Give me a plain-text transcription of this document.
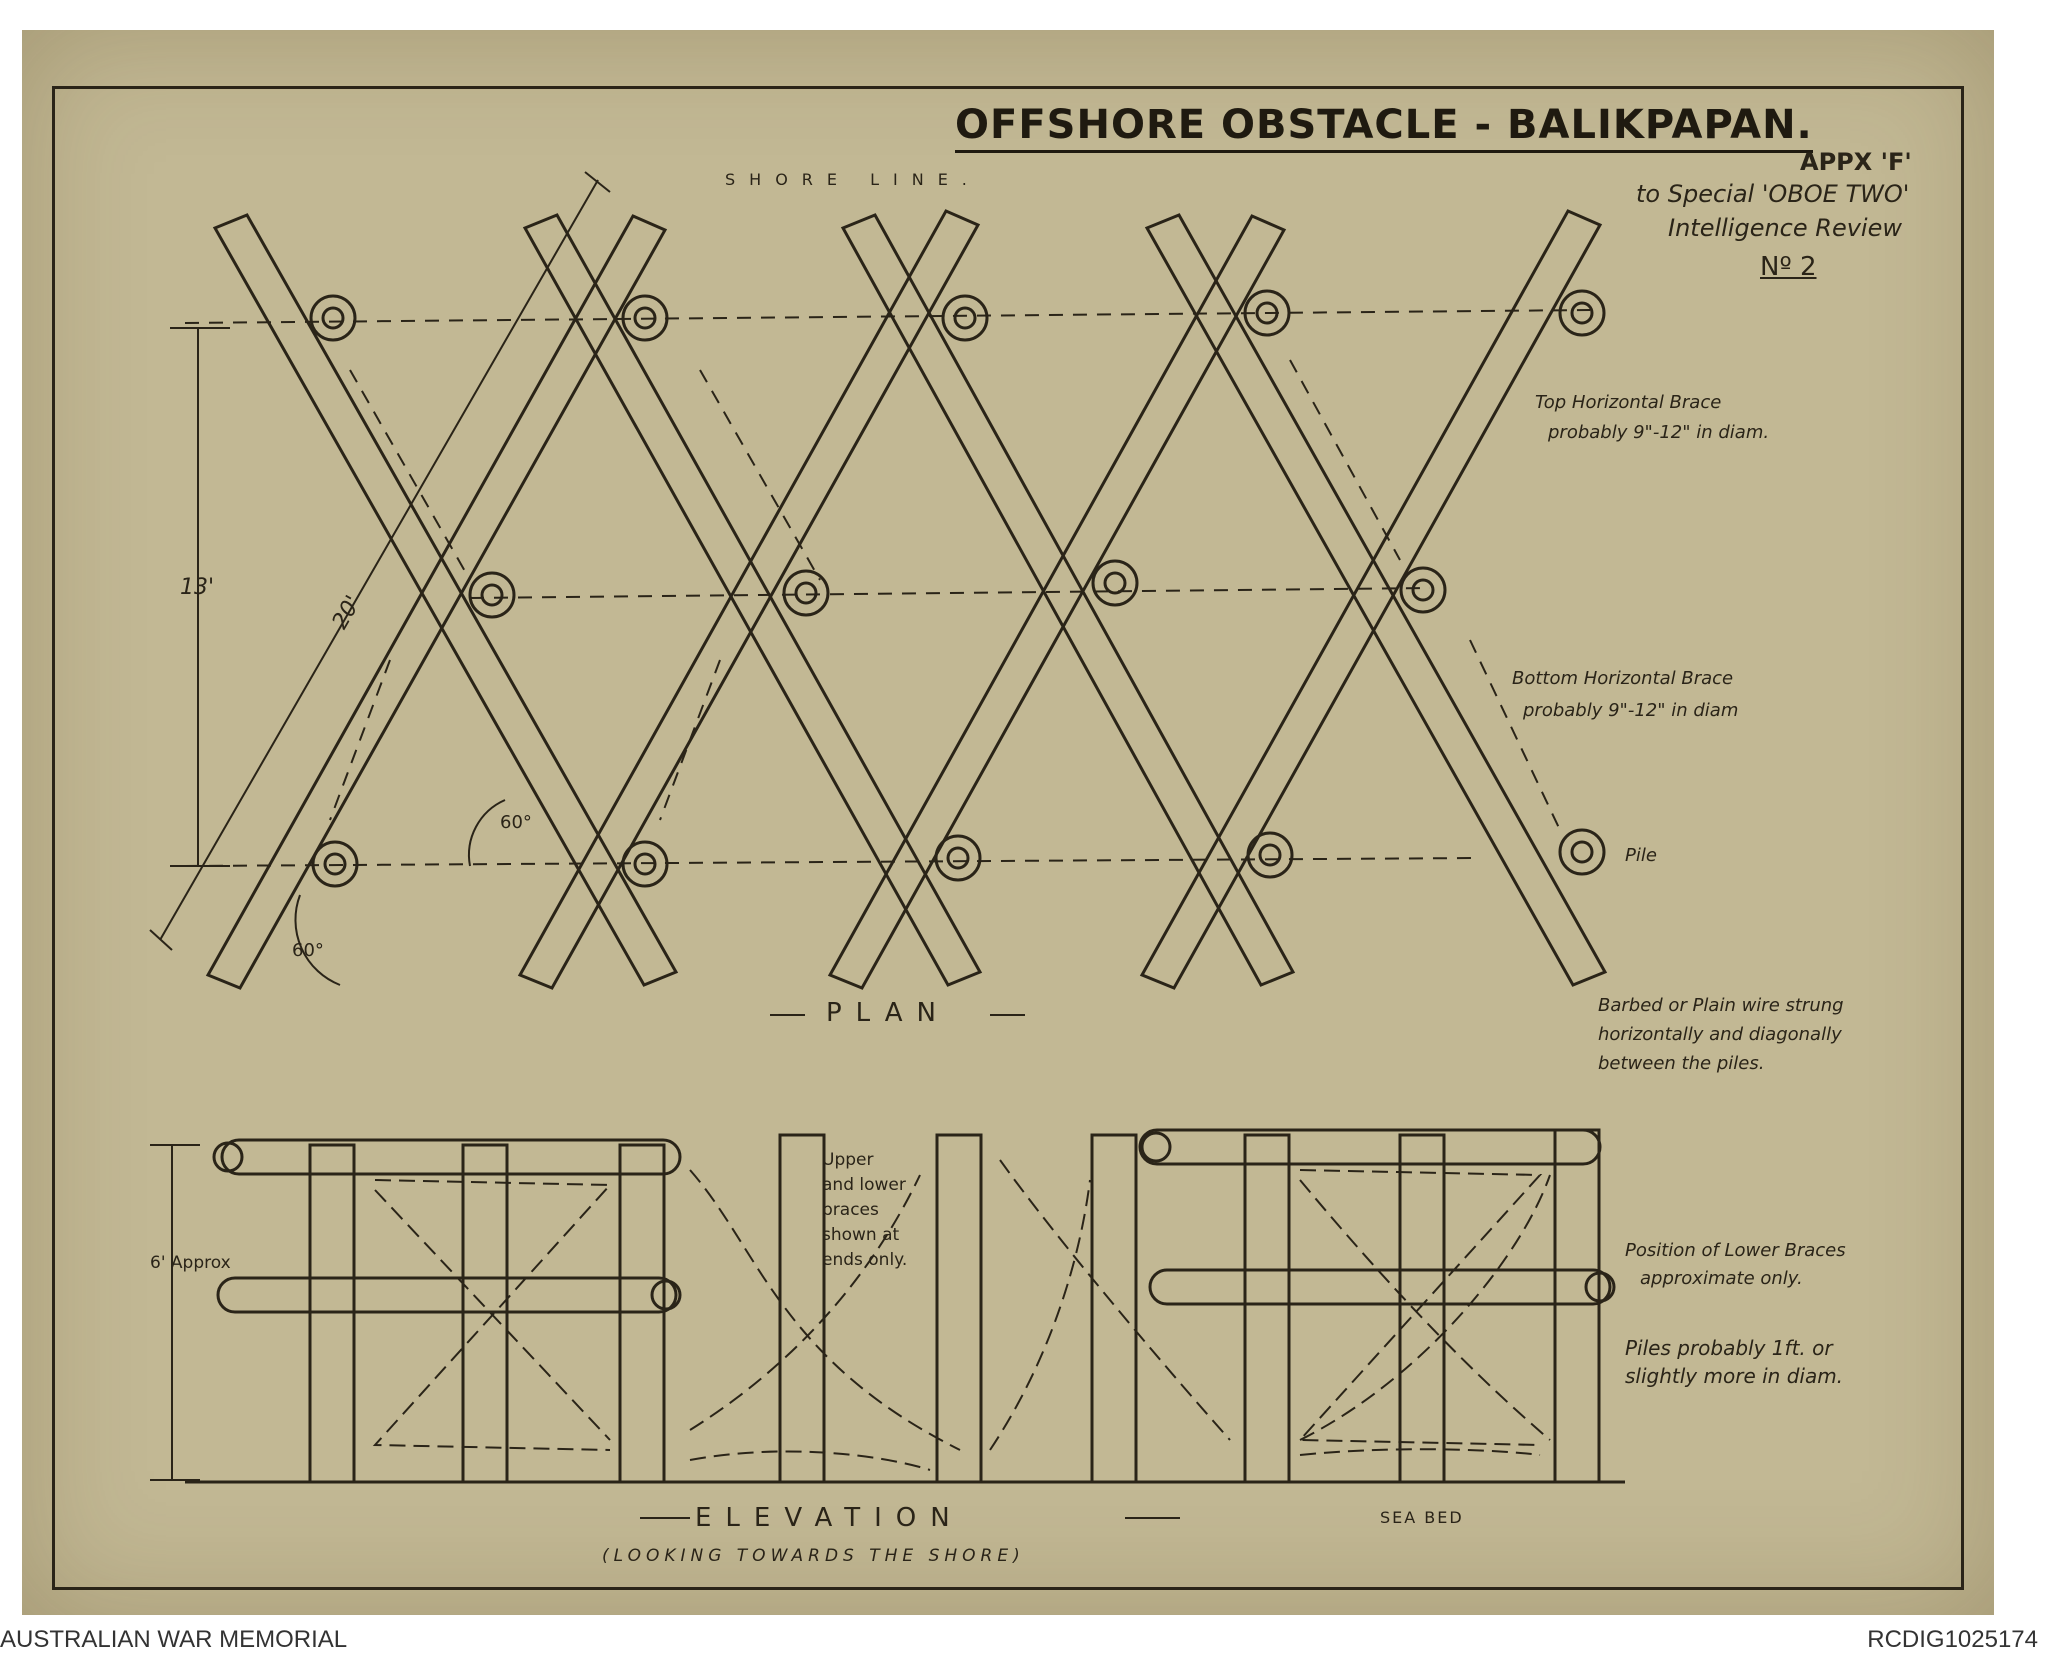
OFFSHORE OBSTACLE - BALIKPAPAN.
APPX 'F'
to Special 'OBOE TWO'
Intelligence Review
Nº 2
SHORE LINE.
13'
20'
60°
60°
Top Horizontal Brace
probably 9"-12" in diam.
Bottom Horizontal Brace
probably 9"-12" in diam
Pile
PLAN	Barbed or Plain wire strung
horizontally and diagonally
between the piles.
6' Approx
Upper
and lower
braces
shown at
ends only.	Position of Lower Braces
approximate only.
Piles probably 1ft. or
slightly more in diam.
SEA BED
ELEVATION
(LOOKING TOWARDS THE SHORE)
AUSTRALIAN WAR MEMORIAL	RCDIG1025174
